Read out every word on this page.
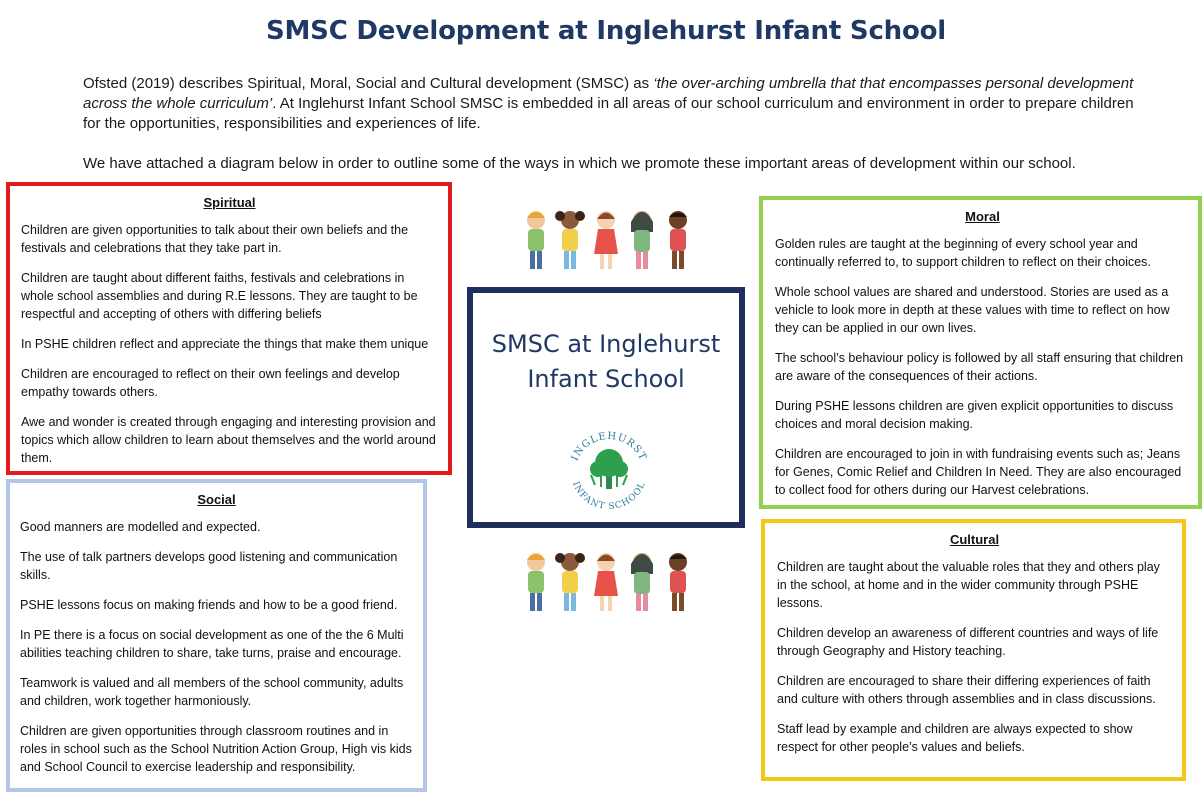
SMSC Development at Inglehurst Infant School
Ofsted (2019) describes Spiritual, Moral, Social and Cultural development (SMSC) as ‘the over-arching umbrella that that encompasses personal development across the whole curriculum’. At Inglehurst Infant School SMSC is embedded in all areas of our school curriculum and environment in order to prepare children for the opportunities, responsibilities and experiences of life.
We have attached a diagram below in order to outline some of the ways in which we promote these important areas of development within our school.
Spiritual

Children are given opportunities to talk about their own beliefs and the festivals and celebrations that they take part in.

Children are taught about different faiths, festivals and celebrations in whole school assemblies and during R.E lessons. They are taught to be respectful and accepting of others with differing beliefs

In PSHE children reflect and appreciate the things that make them unique

Children are encouraged to reflect on their own feelings and develop empathy towards others.

Awe and wonder is created through engaging and interesting provision and topics which allow children to learn about themselves and the world around them.

Social

Good manners are modelled and expected.

The use of talk partners develops good listening and communication skills.

PSHE lessons focus on making friends and how to be a good friend.

In PE there is a focus on social development as one of the the 6 Multi abilities teaching children to share, take turns, praise and encourage.

Teamwork is valued and all members of the school community, adults and children, work together harmoniously.

Children are given opportunities through classroom routines and in roles in school such as the School Nutrition Action Group, High vis kids and School Council to exercise leadership and responsibility.

Moral

Golden rules are taught at the beginning of every school year and continually referred to, to support children to reflect on their choices.

Whole school values are shared and understood. Stories are used as a vehicle to look more in depth at these values with time to reflect on how they can be applied in our own lives.

The school’s behaviour policy is followed by all staff ensuring that children are aware of the consequences of their actions.

During PSHE lessons children are given explicit opportunities to discuss choices and moral decision making.

Children are encouraged to join in with fundraising events such as; Jeans for Genes, Comic Relief and Children In Need. They are also encouraged to collect food for others during our Harvest celebrations.

Cultural

Children are taught about the valuable roles that they and others play in the school, at home and in the wider community through PSHE lessons.

Children develop an awareness of different countries and ways of life through Geography and History teaching.

Children are encouraged to share their differing experiences of faith and culture with others through assemblies and in class discussions.

Staff lead by example and children are always expected to show respect for other people’s values and beliefs.

SMSC at Inglehurst
Infant School
INGLEHURST
INFANT SCHOOL
